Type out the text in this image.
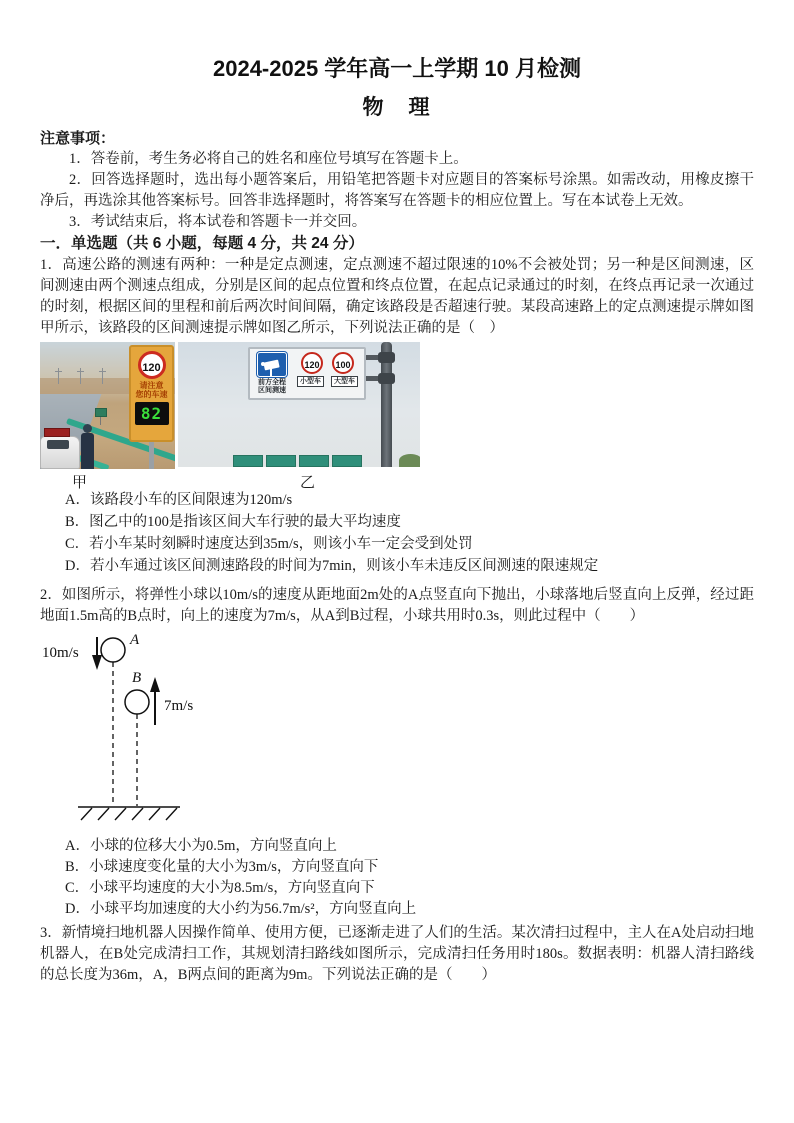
2024-2025 学年高一上学期 10 月检测
物　理
注意事项：

1．答卷前，考生务必将自己的姓名和座位号填写在答题卡上。

2．回答选择题时，选出每小题答案后，用铅笔把答题卡对应题目的答案标号涂黑。如需改动，用橡皮擦干净后，再选涂其他答案标号。回答非选择题时，将答案写在答题卡的相应位置上。写在本试卷上无效。

3．考试结束后，将本试卷和答题卡一并交回。

一．单选题（共 6 小题，每题 4 分，共 24 分）

1．高速公路的测速有两种：一种是定点测速，定点测速不超过限速的10%不会被处罚；另一种是区间测速，区间测速由两个测速点组成，分别是区间的起点位置和终点位置，在起点记录通过的时刻，在终点再记录一次通过的时刻，根据区间的里程和前后两次时间间隔，确定该路段是否超速行驶。某段高速路上的定点测速提示牌如图甲所示，该路段的区间测速提示牌如图乙所示，下列说法正确的是（　）

120
请注意
您的车速
82
前方全程
区间测速
120	100
小型车	大型车
甲	乙
A．该路段小车的区间限速为120m/s
B．图乙中的100是指该区间大车行驶的最大平均速度
C．若小车某时刻瞬时速度达到35m/s，则该小车一定会受到处罚
D．若小车通过该区间测速路段的时间为7min，则该小车未违反区间测速的限速规定

2．如图所示，将弹性小球以10m/s的速度从距地面2m处的A点竖直向下抛出，小球落地后竖直向上反弹，经过距地面1.5m高的B点时，向上的速度为7m/s，从A到B过程，小球共用时0.3s，则此过程中（　　）

10m/s
A
B
7m/s
A．小球的位移大小为0.5m，方向竖直向上
B．小球速度变化量的大小为3m/s，方向竖直向下
C．小球平均速度的大小为8.5m/s，方向竖直向下
D．小球平均加速度的大小约为56.7m/s²，方向竖直向上

3．新情境扫地机器人因操作简单、使用方便，已逐渐走进了人们的生活。某次清扫过程中，主人在A处启动扫地机器人，在B处完成清扫工作，其规划清扫路线如图所示，完成清扫任务用时180s。数据表明：机器人清扫路线的总长度为36m，A，B两点间的距离为9m。下列说法正确的是（　　）
